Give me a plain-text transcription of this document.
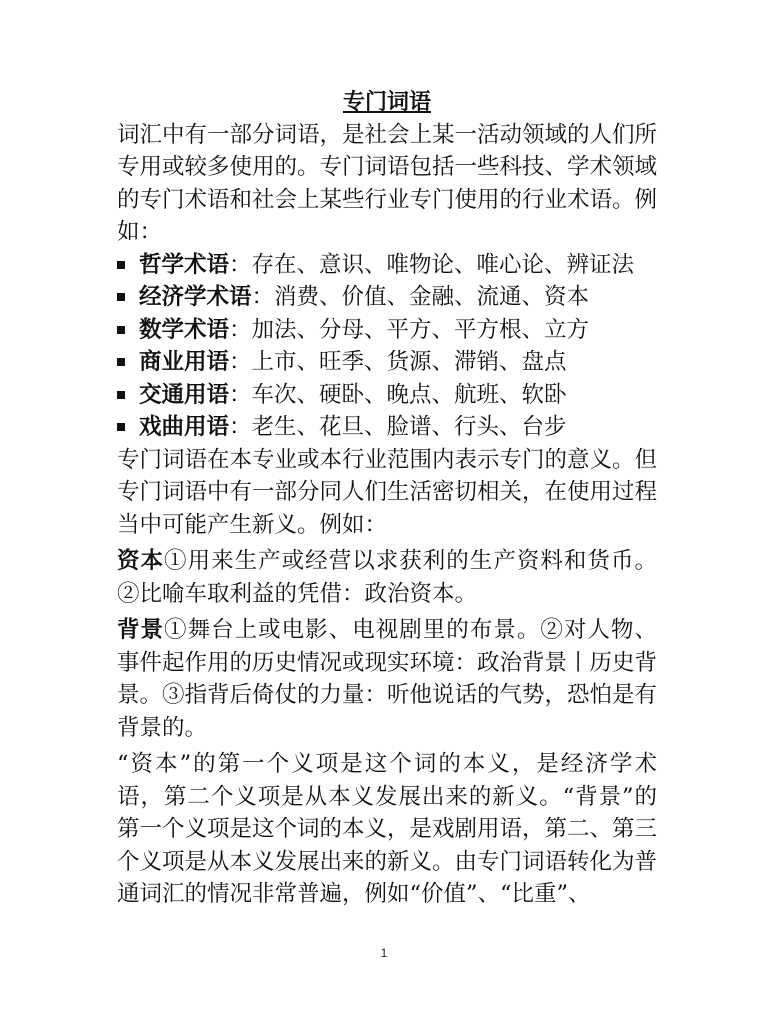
专门词语

词汇中有一部分词语，是社会上某一活动领域的人们所专用或较多使用的。专门词语包括一些科技、学术领域的专门术语和社会上某些行业专门使用的行业术语。例如：

哲学术语：存在、意识、唯物论、唯心论、辨证法
经济学术语：消费、价值、金融、流通、资本
数学术语：加法、分母、平方、平方根、立方
商业用语：上市、旺季、货源、滞销、盘点
交通用语：车次、硬卧、晚点、航班、软卧
戏曲用语：老生、花旦、脸谱、行头、台步

专门词语在本专业或本行业范围内表示专门的意义。但专门词语中有一部分同人们生活密切相关，在使用过程当中可能产生新义。例如：

资本①用来生产或经营以求获利的生产资料和货币。②比喻车取利益的凭借：政治资本。

背景①舞台上或电影、电视剧里的布景。②对人物、事件起作用的历史情况或现实环境：政治背景丨历史背景。③指背后倚仗的力量：听他说话的气势，恐怕是有背景的。

“资本”的第一个义项是这个词的本义，是经济学术语，第二个义项是从本义发展出来的新义。“背景”的第一个义项是这个词的本义，是戏剧用语，第二、第三个义项是从本义发展出来的新义。由专门词语转化为普通词汇的情况非常普遍，例如“价值”、“比重”、

1
